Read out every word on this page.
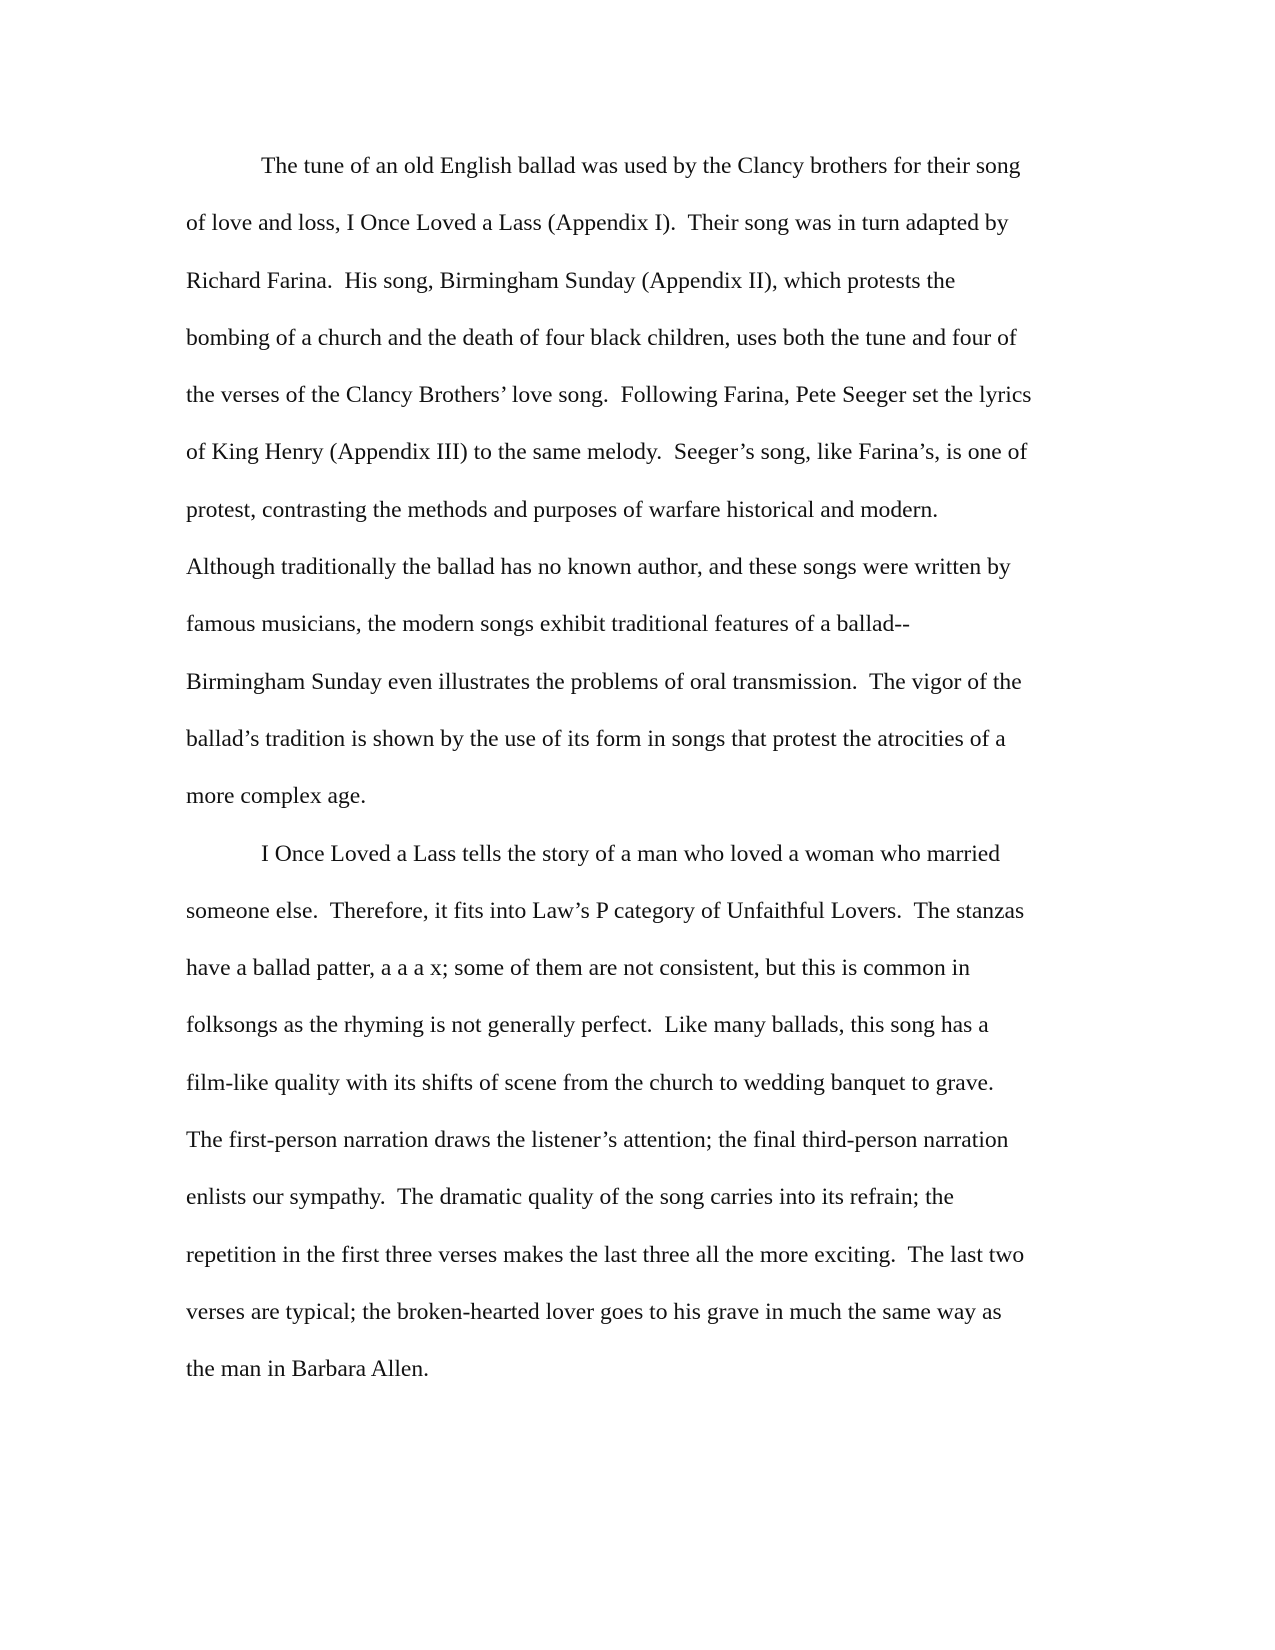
The tune of an old English ballad was used by the Clancy brothers for their song
of love and loss, I Once Loved a Lass (Appendix I).  Their song was in turn adapted by
Richard Farina.  His song, Birmingham Sunday (Appendix II), which protests the
bombing of a church and the death of four black children, uses both the tune and four of
the verses of the Clancy Brothers’ love song.  Following Farina, Pete Seeger set the lyrics
of King Henry (Appendix III) to the same melody.  Seeger’s song, like Farina’s, is one of
protest, contrasting the methods and purposes of warfare historical and modern.
Although traditionally the ballad has no known author, and these songs were written by
famous musicians, the modern songs exhibit traditional features of a ballad--
Birmingham Sunday even illustrates the problems of oral transmission.  The vigor of the
ballad’s tradition is shown by the use of its form in songs that protest the atrocities of a
more complex age.
I Once Loved a Lass tells the story of a man who loved a woman who married
someone else.  Therefore, it fits into Law’s P category of Unfaithful Lovers.  The stanzas
have a ballad patter, a a a x; some of them are not consistent, but this is common in
folksongs as the rhyming is not generally perfect.  Like many ballads, this song has a
film-like quality with its shifts of scene from the church to wedding banquet to grave.
The first-person narration draws the listener’s attention; the final third-person narration
enlists our sympathy.  The dramatic quality of the song carries into its refrain; the
repetition in the first three verses makes the last three all the more exciting.  The last two
verses are typical; the broken-hearted lover goes to his grave in much the same way as
the man in Barbara Allen.
